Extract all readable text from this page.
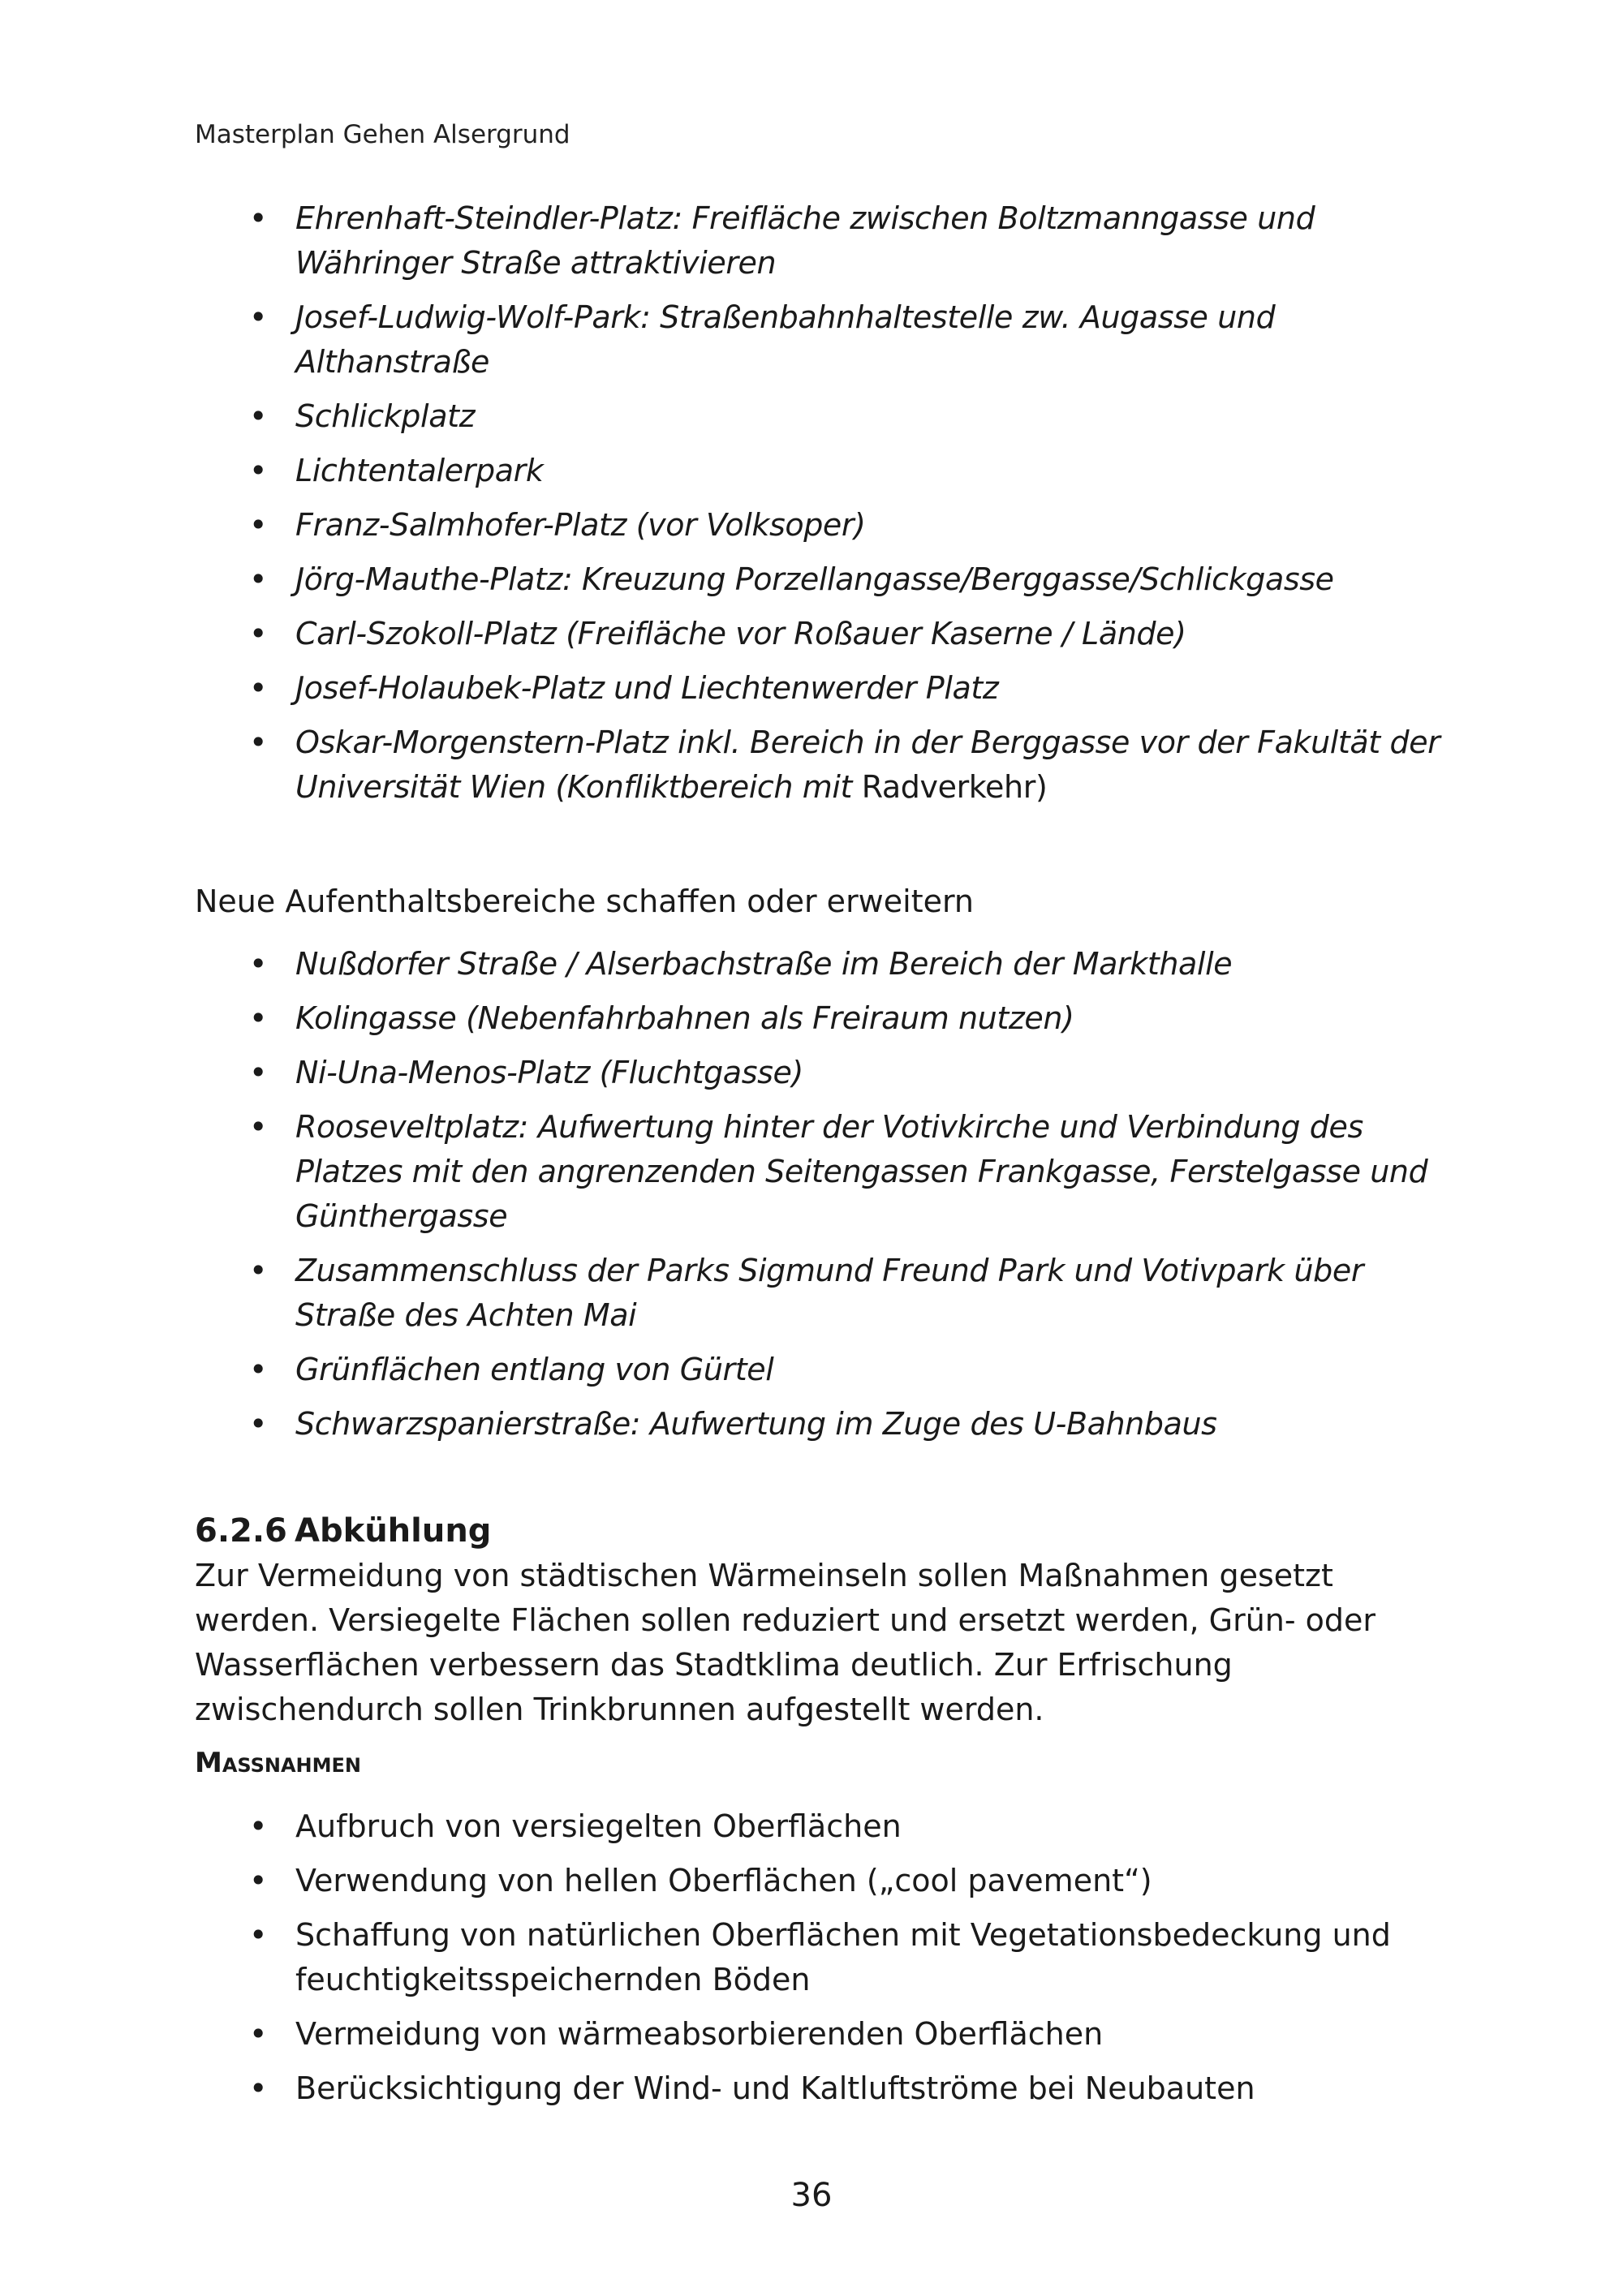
Masterplan Gehen Alsergrund
• Ehrenhaft-Steindler-Platz: Freifläche zwischen Boltzmanngasse und Währinger Straße attraktivieren
• Josef-Ludwig-Wolf-Park: Straßenbahnhaltestelle zw. Augasse und Althanstraße
• Schlickplatz
• Lichtentalerpark
• Franz-Salmhofer-Platz (vor Volksoper)
• Jörg-Mauthe-Platz: Kreuzung Porzellangasse/Berggasse/Schlickgasse
• Carl-Szokoll-Platz (Freifläche vor Roßauer Kaserne / Lände)
• Josef-Holaubek-Platz und Liechtenwerder Platz
• Oskar-Morgenstern-Platz inkl. Bereich in der Berggasse vor der Fakultät der Universität Wien (Konfliktbereich mit Radverkehr)

Neue Aufenthaltsbereiche schaffen oder erweitern

• Nußdorfer Straße / Alserbachstraße im Bereich der Markthalle
• Kolingasse (Nebenfahrbahnen als Freiraum nutzen)
• Ni-Una-Menos-Platz (Fluchtgasse)
• Rooseveltplatz: Aufwertung hinter der Votivkirche und Verbindung des Platzes mit den angrenzenden Seitengassen Frankgasse, Ferstelgasse und Günthergasse
• Zusammenschluss der Parks Sigmund Freund Park und Votivpark über Straße des Achten Mai
• Grünflächen entlang von Gürtel
• Schwarzspanierstraße: Aufwertung im Zuge des U-Bahnbaus
6.2.6 Abkühlung

Zur Vermeidung von städtischen Wärmeinseln sollen Maßnahmen gesetzt werden. Versiegelte Flächen sollen reduziert und ersetzt werden, Grün- oder Wasserflächen verbessern das Stadtklima deutlich. Zur Erfrischung zwischendurch sollen Trinkbrunnen aufgestellt werden.

Maßnahmen

• Aufbruch von versiegelten Oberflächen
• Verwendung von hellen Oberflächen („cool pavement“)
• Schaffung von natürlichen Oberflächen mit Vegetationsbedeckung und feuchtigkeitsspeichernden Böden
• Vermeidung von wärmeabsorbierenden Oberflächen
• Berücksichtigung der Wind- und Kaltluftströme bei Neubauten
36
